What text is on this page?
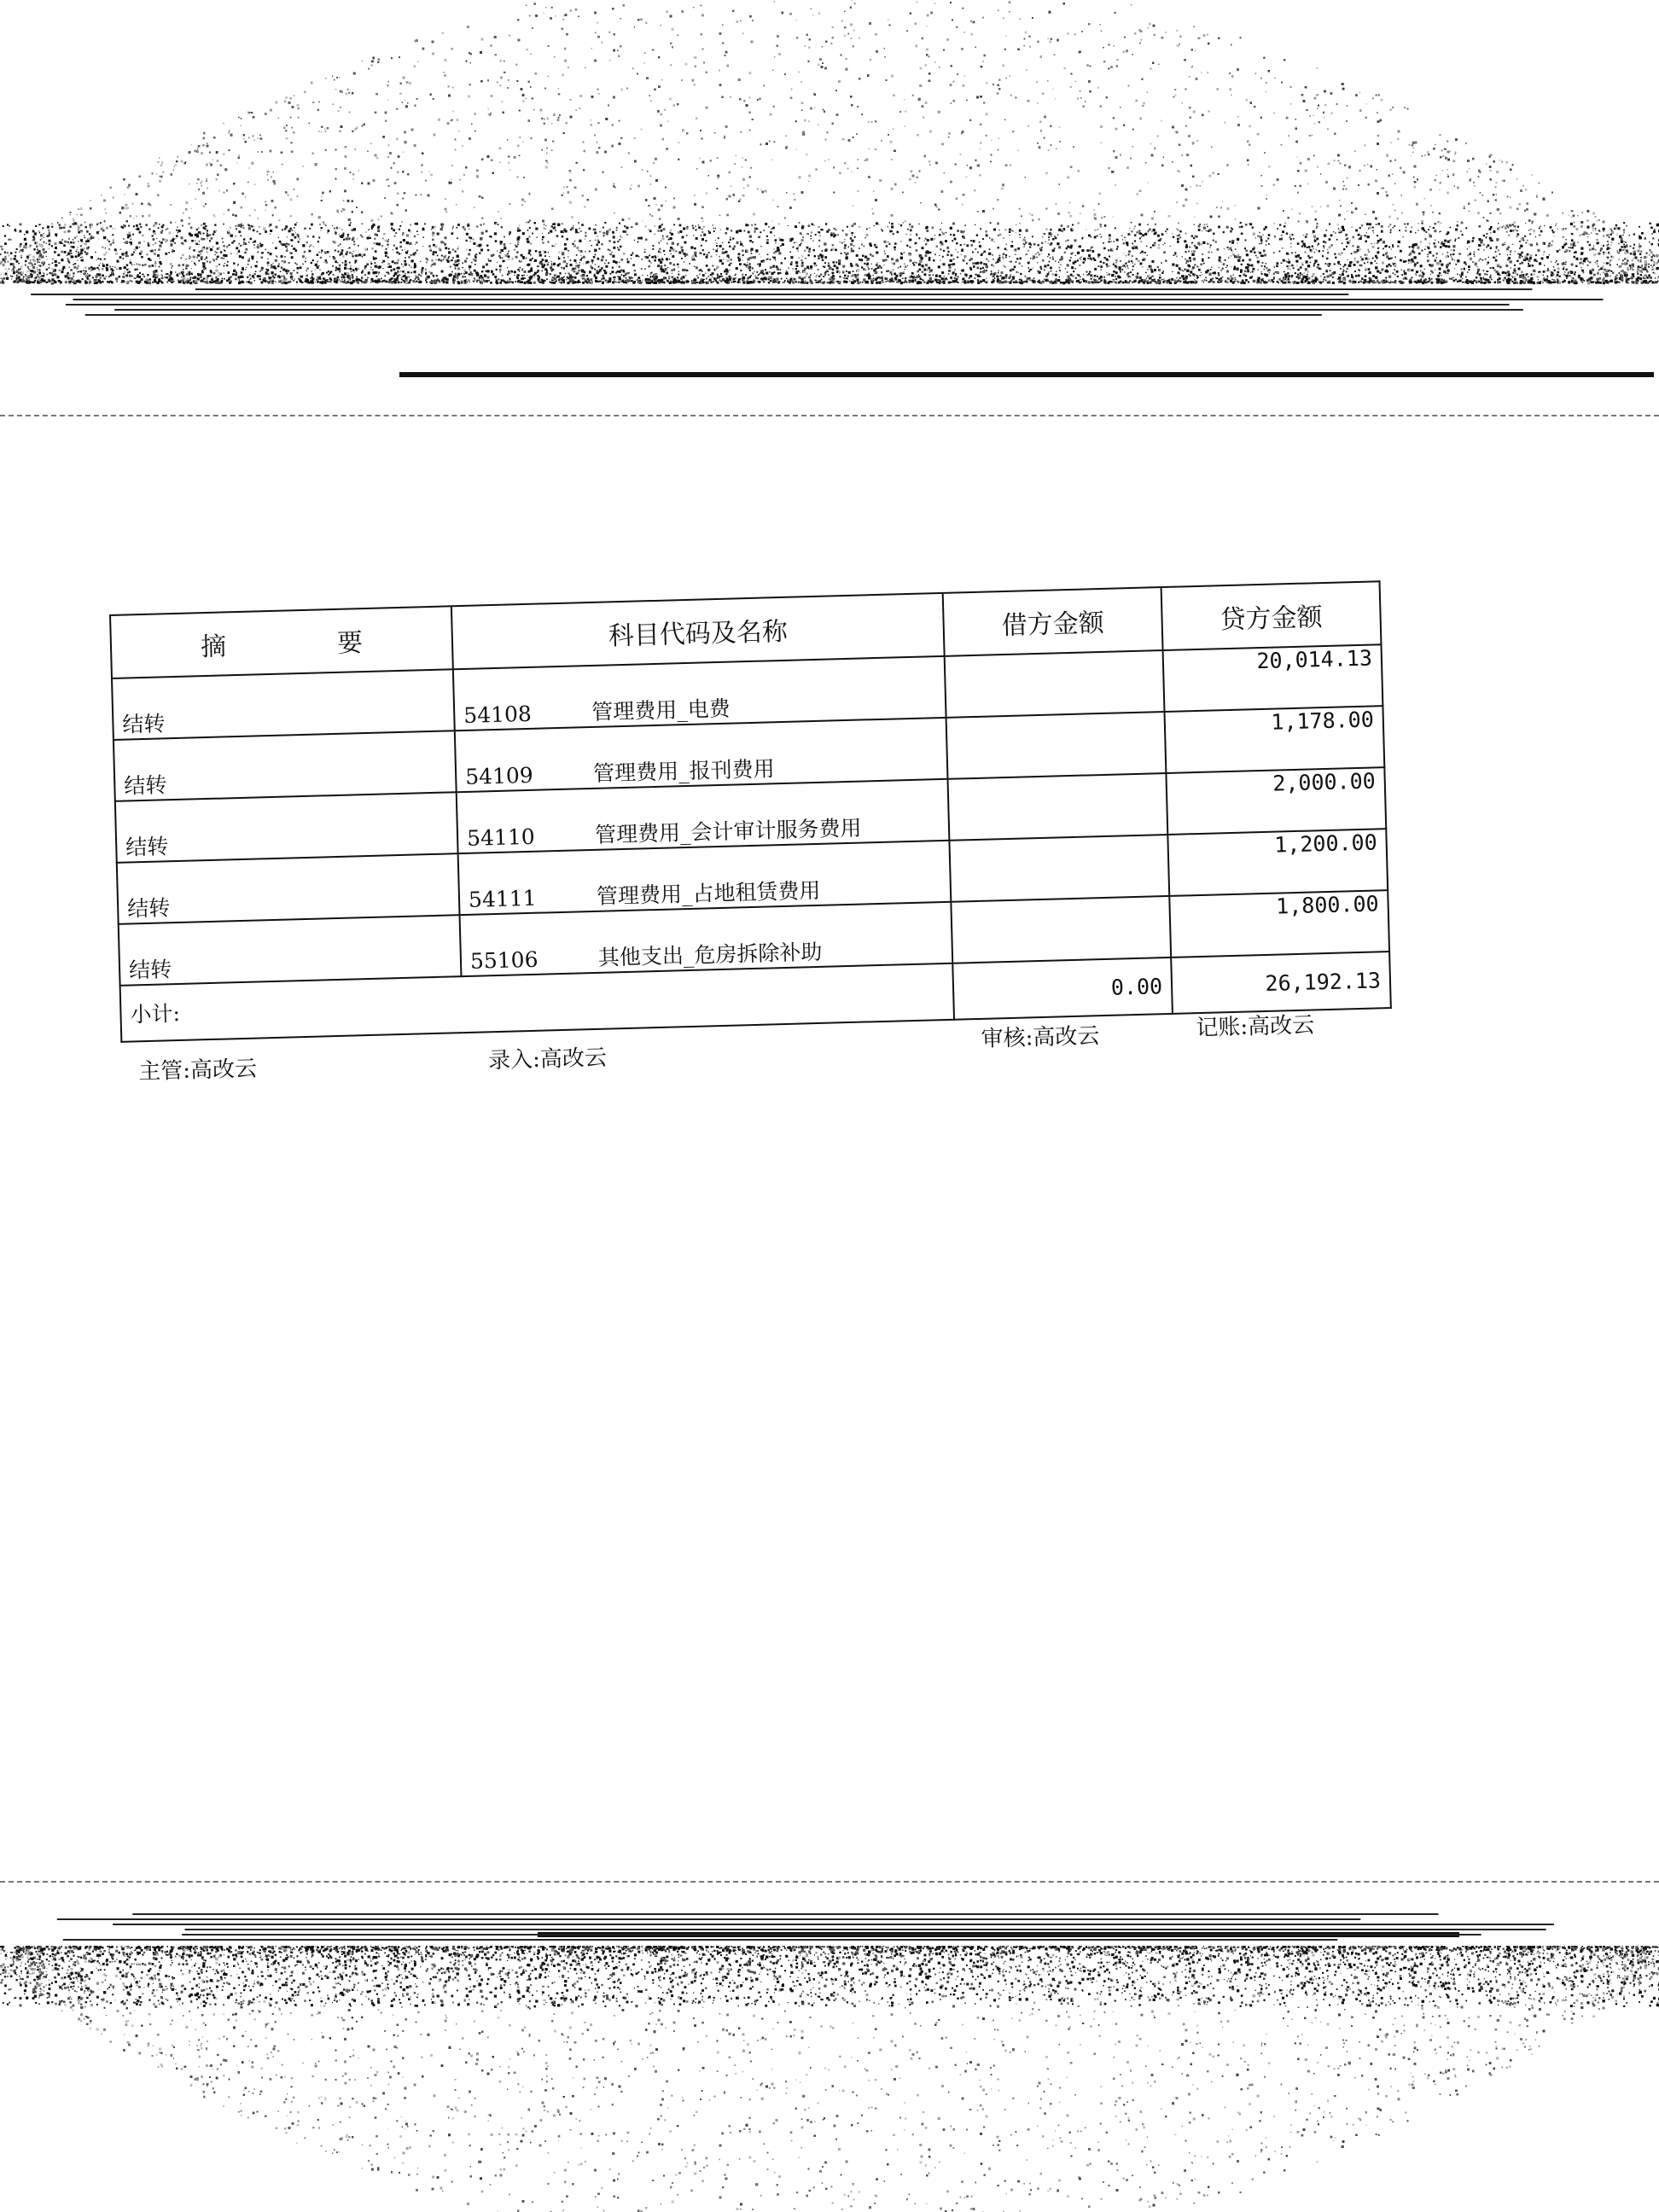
摘 要	科目代码及名称	借方金额	贷方金额
结转	54108 管理费用_电费		20,014.13
结转	54109 管理费用_报刊费用		1,178.00
结转	54110 管理费用_会计审计服务费用		2,000.00
结转	54111 管理费用_占地租赁费用		1,200.00
结转	55106 其他支出_危房拆除补助		1,800.00
小计:		0.00	26,192.13
主管:高改云	录入:高改云
审核:高改云	记账:高改云
